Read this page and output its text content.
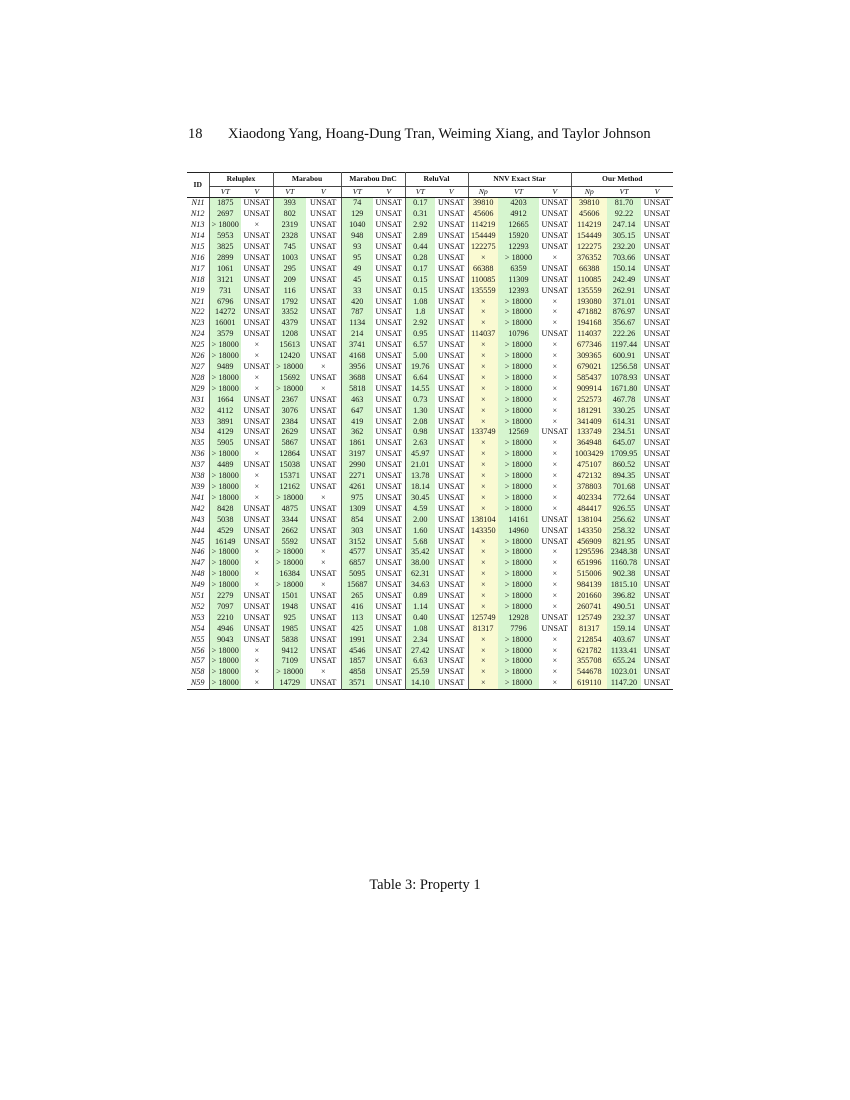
18 Xiaodong Yang, Hoang-Dung Tran, Weiming Xiang, and Taylor Johnson
ID	Reluplex		Marabou		Marabou DnC		ReluVal		NNV Exact Star			Our Method		
	VT	V	VT	V	VT	V	VT	V	Np	VT	V	Np	VT	V
N11	1875	UNSAT	393	UNSAT	74	UNSAT	0.17	UNSAT	39810	4203	UNSAT	39810	81.70	UNSAT
N12	2697	UNSAT	802	UNSAT	129	UNSAT	0.31	UNSAT	45606	4912	UNSAT	45606	92.22	UNSAT
N13	> 18000	×	2319	UNSAT	1040	UNSAT	2.92	UNSAT	114219	12665	UNSAT	114219	247.14	UNSAT
N14	5953	UNSAT	2328	UNSAT	948	UNSAT	2.89	UNSAT	154449	15920	UNSAT	154449	305.15	UNSAT
N15	3825	UNSAT	745	UNSAT	93	UNSAT	0.44	UNSAT	122275	12293	UNSAT	122275	232.20	UNSAT
N16	2899	UNSAT	1003	UNSAT	95	UNSAT	0.28	UNSAT	×	> 18000	×	376352	703.66	UNSAT
N17	1061	UNSAT	295	UNSAT	49	UNSAT	0.17	UNSAT	66388	6359	UNSAT	66388	150.14	UNSAT
N18	3121	UNSAT	209	UNSAT	45	UNSAT	0.15	UNSAT	110085	11309	UNSAT	110085	242.49	UNSAT
N19	731	UNSAT	116	UNSAT	33	UNSAT	0.15	UNSAT	135559	12393	UNSAT	135559	262.91	UNSAT
N21	6796	UNSAT	1792	UNSAT	420	UNSAT	1.08	UNSAT	×	> 18000	×	193080	371.01	UNSAT
N22	14272	UNSAT	3352	UNSAT	787	UNSAT	1.8	UNSAT	×	> 18000	×	471882	876.97	UNSAT
N23	16001	UNSAT	4379	UNSAT	1134	UNSAT	2.92	UNSAT	×	> 18000	×	194168	356.67	UNSAT
N24	3579	UNSAT	1208	UNSAT	214	UNSAT	0.95	UNSAT	114037	10796	UNSAT	114037	222.26	UNSAT
N25	> 18000	×	15613	UNSAT	3741	UNSAT	6.57	UNSAT	×	> 18000	×	677346	1197.44	UNSAT
N26	> 18000	×	12420	UNSAT	4168	UNSAT	5.00	UNSAT	×	> 18000	×	309365	600.91	UNSAT
N27	9489	UNSAT	> 18000	×	3956	UNSAT	19.76	UNSAT	×	> 18000	×	679021	1256.58	UNSAT
N28	> 18000	×	15692	UNSAT	3688	UNSAT	6.64	UNSAT	×	> 18000	×	585437	1078.93	UNSAT
N29	> 18000	×	> 18000	×	5818	UNSAT	14.55	UNSAT	×	> 18000	×	909914	1671.80	UNSAT
N31	1664	UNSAT	2367	UNSAT	463	UNSAT	0.73	UNSAT	×	> 18000	×	252573	467.78	UNSAT
N32	4112	UNSAT	3076	UNSAT	647	UNSAT	1.30	UNSAT	×	> 18000	×	181291	330.25	UNSAT
N33	3891	UNSAT	2384	UNSAT	419	UNSAT	2.08	UNSAT	×	> 18000	×	341409	614.31	UNSAT
N34	4129	UNSAT	2629	UNSAT	362	UNSAT	0.98	UNSAT	133749	12569	UNSAT	133749	234.51	UNSAT
N35	5905	UNSAT	5867	UNSAT	1861	UNSAT	2.63	UNSAT	×	> 18000	×	364948	645.07	UNSAT
N36	> 18000	×	12864	UNSAT	3197	UNSAT	45.97	UNSAT	×	> 18000	×	1003429	1709.95	UNSAT
N37	4489	UNSAT	15038	UNSAT	2990	UNSAT	21.01	UNSAT	×	> 18000	×	475107	860.52	UNSAT
N38	> 18000	×	15371	UNSAT	2271	UNSAT	13.78	UNSAT	×	> 18000	×	472132	894.35	UNSAT
N39	> 18000	×	12162	UNSAT	4261	UNSAT	18.14	UNSAT	×	> 18000	×	378803	701.68	UNSAT
N41	> 18000	×	> 18000	×	975	UNSAT	30.45	UNSAT	×	> 18000	×	402334	772.64	UNSAT
N42	8428	UNSAT	4875	UNSAT	1309	UNSAT	4.59	UNSAT	×	> 18000	×	484417	926.55	UNSAT
N43	5038	UNSAT	3344	UNSAT	854	UNSAT	2.00	UNSAT	138104	14161	UNSAT	138104	256.62	UNSAT
N44	4529	UNSAT	2662	UNSAT	303	UNSAT	1.60	UNSAT	143350	14960	UNSAT	143350	258.32	UNSAT
N45	16149	UNSAT	5592	UNSAT	3152	UNSAT	5.68	UNSAT	×	> 18000	UNSAT	456909	821.95	UNSAT
N46	> 18000	×	> 18000	×	4577	UNSAT	35.42	UNSAT	×	> 18000	×	1295596	2348.38	UNSAT
N47	> 18000	×	> 18000	×	6857	UNSAT	38.00	UNSAT	×	> 18000	×	651996	1160.78	UNSAT
N48	> 18000	×	16384	UNSAT	5095	UNSAT	62.31	UNSAT	×	> 18000	×	515006	902.38	UNSAT
N49	> 18000	×	> 18000	×	15687	UNSAT	34.63	UNSAT	×	> 18000	×	984139	1815.10	UNSAT
N51	2279	UNSAT	1501	UNSAT	265	UNSAT	0.89	UNSAT	×	> 18000	×	201660	396.82	UNSAT
N52	7097	UNSAT	1948	UNSAT	416	UNSAT	1.14	UNSAT	×	> 18000	×	260741	490.51	UNSAT
N53	2210	UNSAT	925	UNSAT	113	UNSAT	0.40	UNSAT	125749	12928	UNSAT	125749	232.37	UNSAT
N54	4946	UNSAT	1985	UNSAT	425	UNSAT	1.08	UNSAT	81317	7796	UNSAT	81317	159.14	UNSAT
N55	9043	UNSAT	5838	UNSAT	1991	UNSAT	2.34	UNSAT	×	> 18000	×	212854	403.67	UNSAT
N56	> 18000	×	9412	UNSAT	4546	UNSAT	27.42	UNSAT	×	> 18000	×	621782	1133.41	UNSAT
N57	> 18000	×	7109	UNSAT	1857	UNSAT	6.63	UNSAT	×	> 18000	×	355708	655.24	UNSAT
N58	> 18000	×	> 18000	×	4858	UNSAT	25.59	UNSAT	×	> 18000	×	544678	1023.01	UNSAT
N59	> 18000	×	14729	UNSAT	3571	UNSAT	14.10	UNSAT	×	> 18000	×	619110	1147.20	UNSAT
Table 3: Property 1
